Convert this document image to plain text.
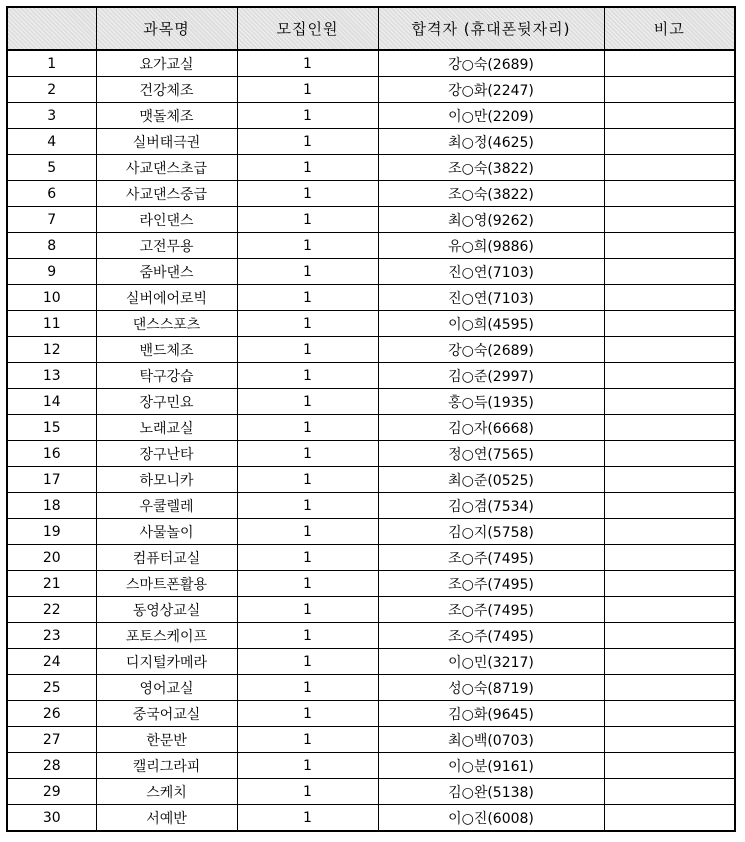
	과목명	모집인원	합격자 (휴대폰뒷자리)	비고
1	요가교실	1	강○숙(2689)	
2	건강체조	1	강○화(2247)	
3	맷돌체조	1	이○만(2209)	
4	실버태극권	1	최○정(4625)	
5	사교댄스초급	1	조○숙(3822)	
6	사교댄스중급	1	조○숙(3822)	
7	라인댄스	1	최○영(9262)	
8	고전무용	1	유○희(9886)	
9	줌바댄스	1	진○연(7103)	
10	실버에어로빅	1	진○연(7103)	
11	댄스스포츠	1	이○희(4595)	
12	밴드체조	1	강○숙(2689)	
13	탁구강습	1	김○준(2997)	
14	장구민요	1	홍○득(1935)	
15	노래교실	1	김○자(6668)	
16	장구난타	1	정○연(7565)	
17	하모니카	1	최○준(0525)	
18	우쿨렐레	1	김○겸(7534)	
19	사물놀이	1	김○지(5758)	
20	컴퓨터교실	1	조○주(7495)	
21	스마트폰활용	1	조○주(7495)	
22	동영상교실	1	조○주(7495)	
23	포토스케이프	1	조○주(7495)	
24	디지털카메라	1	이○민(3217)	
25	영어교실	1	성○숙(8719)	
26	중국어교실	1	김○화(9645)	
27	한문반	1	최○백(0703)	
28	캘리그라피	1	이○분(9161)	
29	스케치	1	김○완(5138)	
30	서예반	1	이○진(6008)	
